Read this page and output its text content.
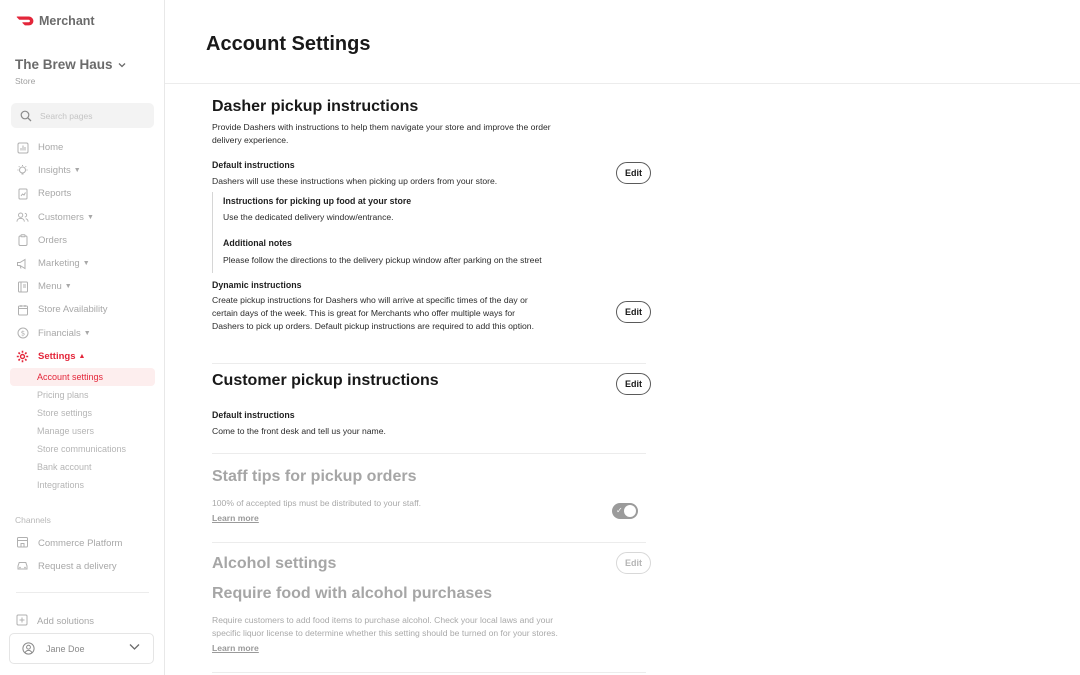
Merchant
The Brew Haus
Store
Search pages
Home
Insights ▼
Reports
Customers ▼
Orders
Marketing ▼
Menu ▼
Store Availability
$ Financials ▼
Settings ▲
Account settings
Pricing plans
Store settings
Manage users
Store communications
Bank account
Integrations
Channels
Commerce Platform
Request a delivery
Add solutions
Jane Doe
Account Settings
Dasher pickup instructions

Provide Dashers with instructions to help them navigate your store and improve the order delivery experience.

Default instructions

Dashers will use these instructions when picking up orders from your store.

Edit
Instructions for picking up food at your store

Use the dedicated delivery window/entrance.

Additional notes

Please follow the directions to the delivery pickup window after parking on the street

Dynamic instructions

Create pickup instructions for Dashers who will arrive at specific times of the day or certain days of the week. This is great for Merchants who offer multiple ways for Dashers to pick up orders. Default pickup instructions are required to add this option.

Edit
Customer pickup instructions	Edit
Default instructions

Come to the front desk and tell us your name.

Staff tips for pickup orders

100% of accepted tips must be distributed to your staff.

Learn more
✓
Alcohol settings	Edit
Require food with alcohol purchases

Require customers to add food items to purchase alcohol. Check your local laws and your specific liquor license to determine whether this setting should be turned on for your stores.

Learn more
